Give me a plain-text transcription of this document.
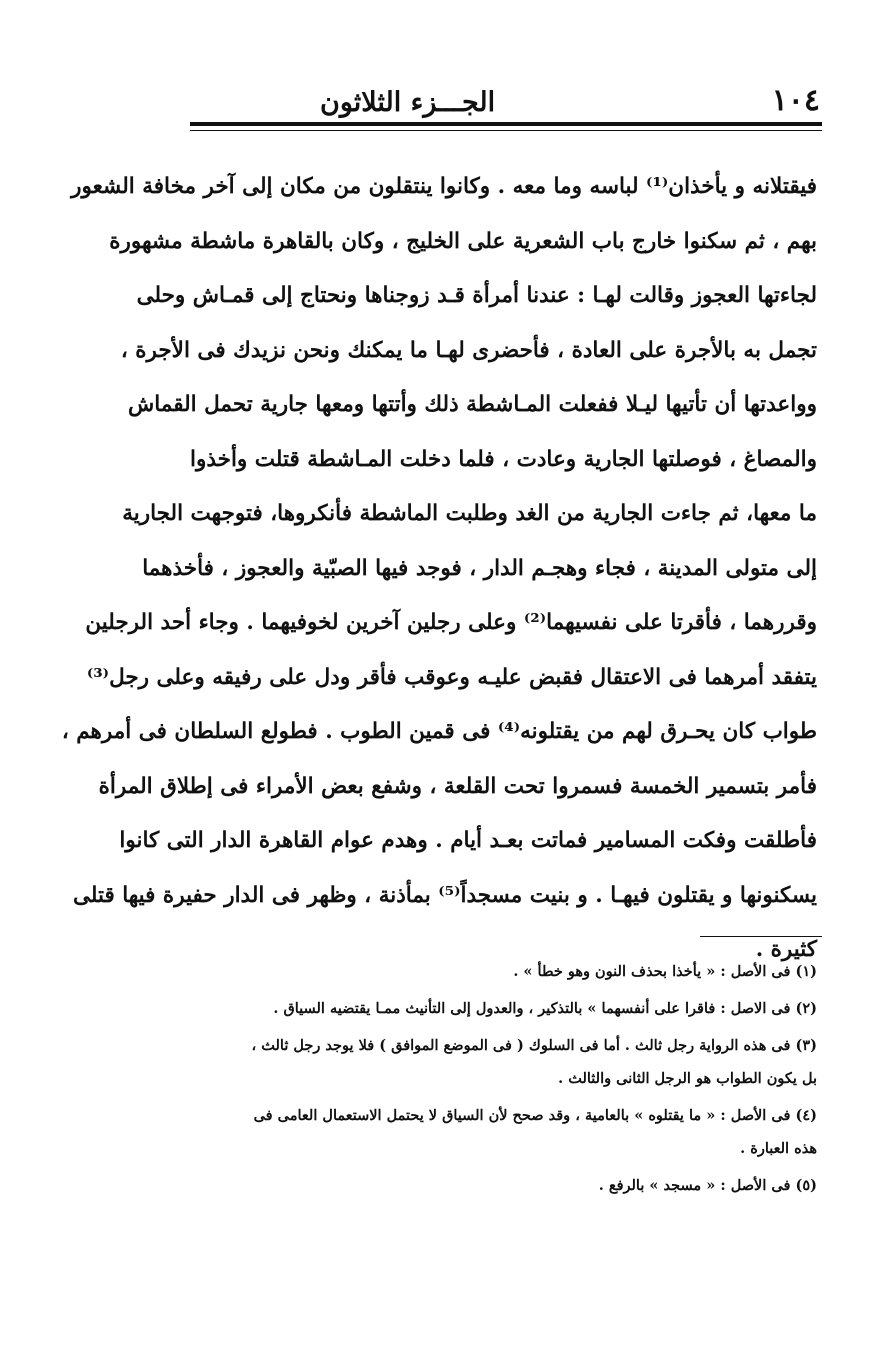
١٠٤
الجـــزء الثلاثون
فيقتلانه و يأخذان⁽¹⁾ لباسه وما معه . وكانوا ينتقلون من مكان إلى آخر مخافة الشعور
بهم ، ثم سكنوا خارج باب الشعرية على الخليج ، وكان بالقاهرة ماشطة مشهورة
لجاءتها العجوز وقالت لهـا : عندنا أمرأة قـد زوجناها ونحتاج إلى قمـاش وحلى
تجمل به بالأجرة على العادة ، فأحضرى لهـا ما يمكنك ونحن نزيدك فى الأجرة ،
وواعدتها أن تأتيها ليـلا ففعلت المـاشطة ذلك وأتتها ومعها جارية تحمل القماش
والمصاغ ، فوصلتها الجارية وعادت ، فلما دخلت المـاشطة قتلت وأخذوا
ما معها، ثم جاءت الجارية من الغد وطلبت الماشطة فأنكروها، فتوجهت الجارية
إلى متولى المدينة ، فجاء وهجـم الدار ، فوجد فيها الصبّية والعجوز ، فأخذهما
وقررهما ، فأقرتا على نفسيهما⁽²⁾ وعلى رجلين آخرين لخوفيهما . وجاء أحد الرجلين
يتفقد أمرهما فى الاعتقال فقبض عليـه وعوقب فأقر ودل على رفيقه وعلى رجل⁽³⁾
طواب كان يحـرق لهم من يقتلونه⁽⁴⁾ فى قمين الطوب . فطولع السلطان فى أمرهم ،
فأمر بتسمير الخمسة فسمروا تحت القلعة ، وشفع بعض الأمراء فى إطلاق المرأة
فأطلقت وفكت المسامير فماتت بعـد أيام . وهدم عوام القاهرة الدار التى كانوا
يسكنونها و يقتلون فيهـا . و بنيت مسجداً⁽⁵⁾ بمأذنة ، وظهر فى الدار حفيرة فيها قتلى
كثيرة .
(١) فى الأصل : « يأخذا بحذف النون وهو خطأ » .
(٢) فى الاصل : فاقرا على أنفسهما » بالتذكير ، والعدول إلى التأنيث ممـا يقتضيه السياق .
(٣) فى هذه الرواية رجل ثالث . أما فى السلوك ( فى الموضع الموافق ) فلا يوجد رجل ثالث ،
بل يكون الطواب هو الرجل الثانى والثالث .
(٤) فى الأصل : « ما يقتلوه » بالعامية ، وقد صحح لأن السياق لا يحتمل الاستعمال العامى فى
هذه العبارة .
(٥) فى الأصل : « مسجد » بالرفع .
